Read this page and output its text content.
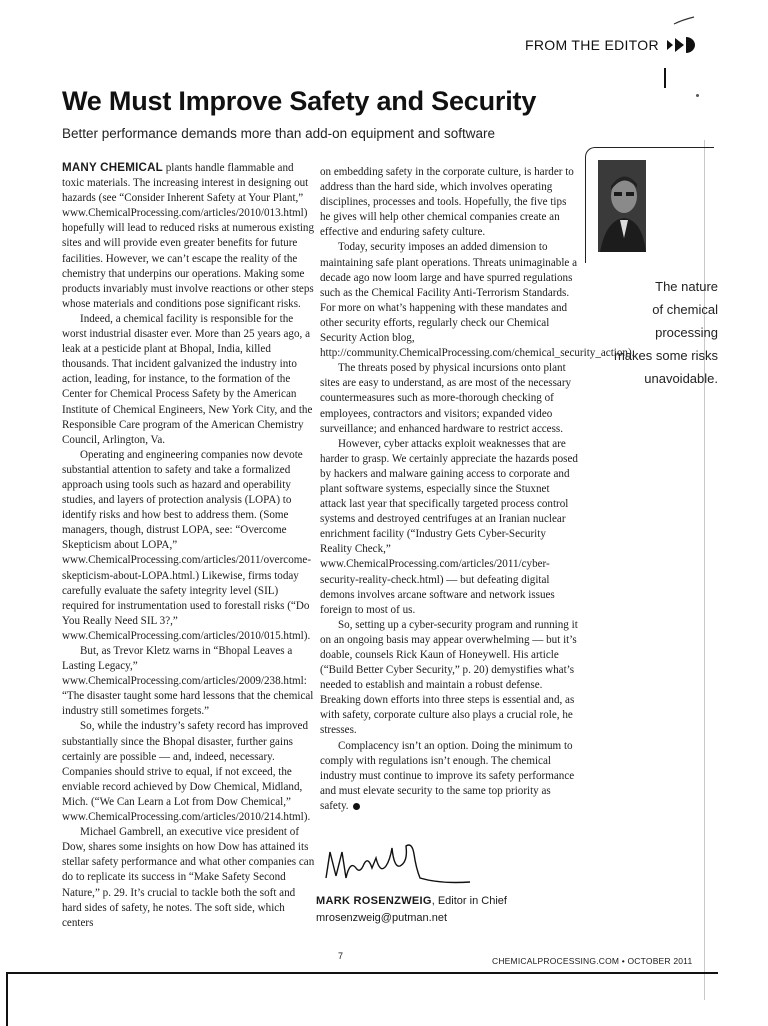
FROM THE EDITOR
We Must Improve Safety and Security

Better performance demands more than add-on equipment and software

MANY CHEMICAL plants handle flammable and toxic materials. The increasing interest in designing out hazards (see “Consider Inherent Safety at Your Plant,” www.ChemicalProcessing.com/articles/2010/013.html) hopefully will lead to reduced risks at numerous existing sites and will provide even greater benefits for future facilities. However, we can’t escape the reality of the chemistry that underpins our operations. Making some products invariably must involve reactions or other steps whose materials and conditions pose significant risks.

Indeed, a chemical facility is responsible for the worst industrial disaster ever. More than 25 years ago, a leak at a pesticide plant at Bhopal, India, killed thousands. That incident galvanized the industry into action, leading, for instance, to the formation of the Center for Chemical Process Safety by the American Institute of Chemical Engineers, New York City, and the Responsible Care program of the American Chemistry Council, Arlington, Va.

Operating and engineering companies now devote substantial attention to safety and take a formalized approach using tools such as hazard and operability studies, and layers of protection analysis (LOPA) to identify risks and how best to address them. (Some managers, though, distrust LOPA, see: “Overcome Skepticism about LOPA,” www.ChemicalProcessing.com/articles/2011/overcome-skepticism-about-LOPA.html.) Likewise, firms today carefully evaluate the safety integrity level (SIL) required for instrumentation used to forestall risks (“Do You Really Need SIL 3?,” www.ChemicalProcessing.com/articles/2010/015.html).

But, as Trevor Kletz warns in “Bhopal Leaves a Lasting Legacy,” www.ChemicalProcessing.com/articles/2009/238.html: “The disaster taught some hard lessons that the chemical industry still sometimes forgets.”

So, while the industry’s safety record has improved substantially since the Bhopal disaster, further gains certainly are possible — and, indeed, necessary. Companies should strive to equal, if not exceed, the enviable record achieved by Dow Chemical, Midland, Mich. (“We Can Learn a Lot from Dow Chemical,” www.ChemicalProcessing.com/articles/2010/214.html).

Michael Gambrell, an executive vice president of Dow, shares some insights on how Dow has attained its stellar safety performance and what other companies can do to replicate its success in “Make Safety Second Nature,” p. 29. It’s crucial to tackle both the soft and hard sides of safety, he notes. The soft side, which centers

on embedding safety in the corporate culture, is harder to address than the hard side, which involves operating disciplines, processes and tools. Hopefully, the five tips he gives will help other chemical companies create an effective and enduring safety culture.

Today, security imposes an added dimension to maintaining safe plant operations. Threats unimaginable a decade ago now loom large and have spurred regulations such as the Chemical Facility Anti-Terrorism Standards. For more on what’s happening with these mandates and other security efforts, regularly check our Chemical Security Action blog, http://community.ChemicalProcessing.com/chemical_security_action).

The threats posed by physical incursions onto plant sites are easy to understand, as are most of the necessary countermeasures such as more-thorough checking of employees, contractors and visitors; expanded video surveillance; and enhanced hardware to restrict access.

However, cyber attacks exploit weaknesses that are harder to grasp. We certainly appreciate the hazards posed by hackers and malware gaining access to corporate and plant software systems, especially since the Stuxnet attack last year that specifically targeted process control systems and destroyed centrifuges at an Iranian nuclear enrichment facility (“Industry Gets Cyber-Security Reality Check,” www.ChemicalProcessing.com/articles/2011/cyber-security-reality-check.html) — but defeating digital demons involves arcane software and network issues foreign to most of us.

So, setting up a cyber-security program and running it on an ongoing basis may appear overwhelming — but it’s doable, counsels Rick Kaun of Honeywell. His article (“Build Better Cyber Security,” p. 20) demystifies what’s needed to establish and maintain a robust defense. Breaking down efforts into three steps is essential and, as with safety, corporate culture also plays a crucial role, he stresses.

Complacency isn’t an option. Doing the minimum to comply with regulations isn’t enough. The chemical industry must continue to improve its safety performance and must elevate security to the same top priority as safety.

The nature

of chemical

processing

makes some risks

unavoidable.

MARK ROSENZWEIG, Editor in Chief

mrosenzweig@putman.net

7	CHEMICALPROCESSING.COM • OCTOBER 2011
